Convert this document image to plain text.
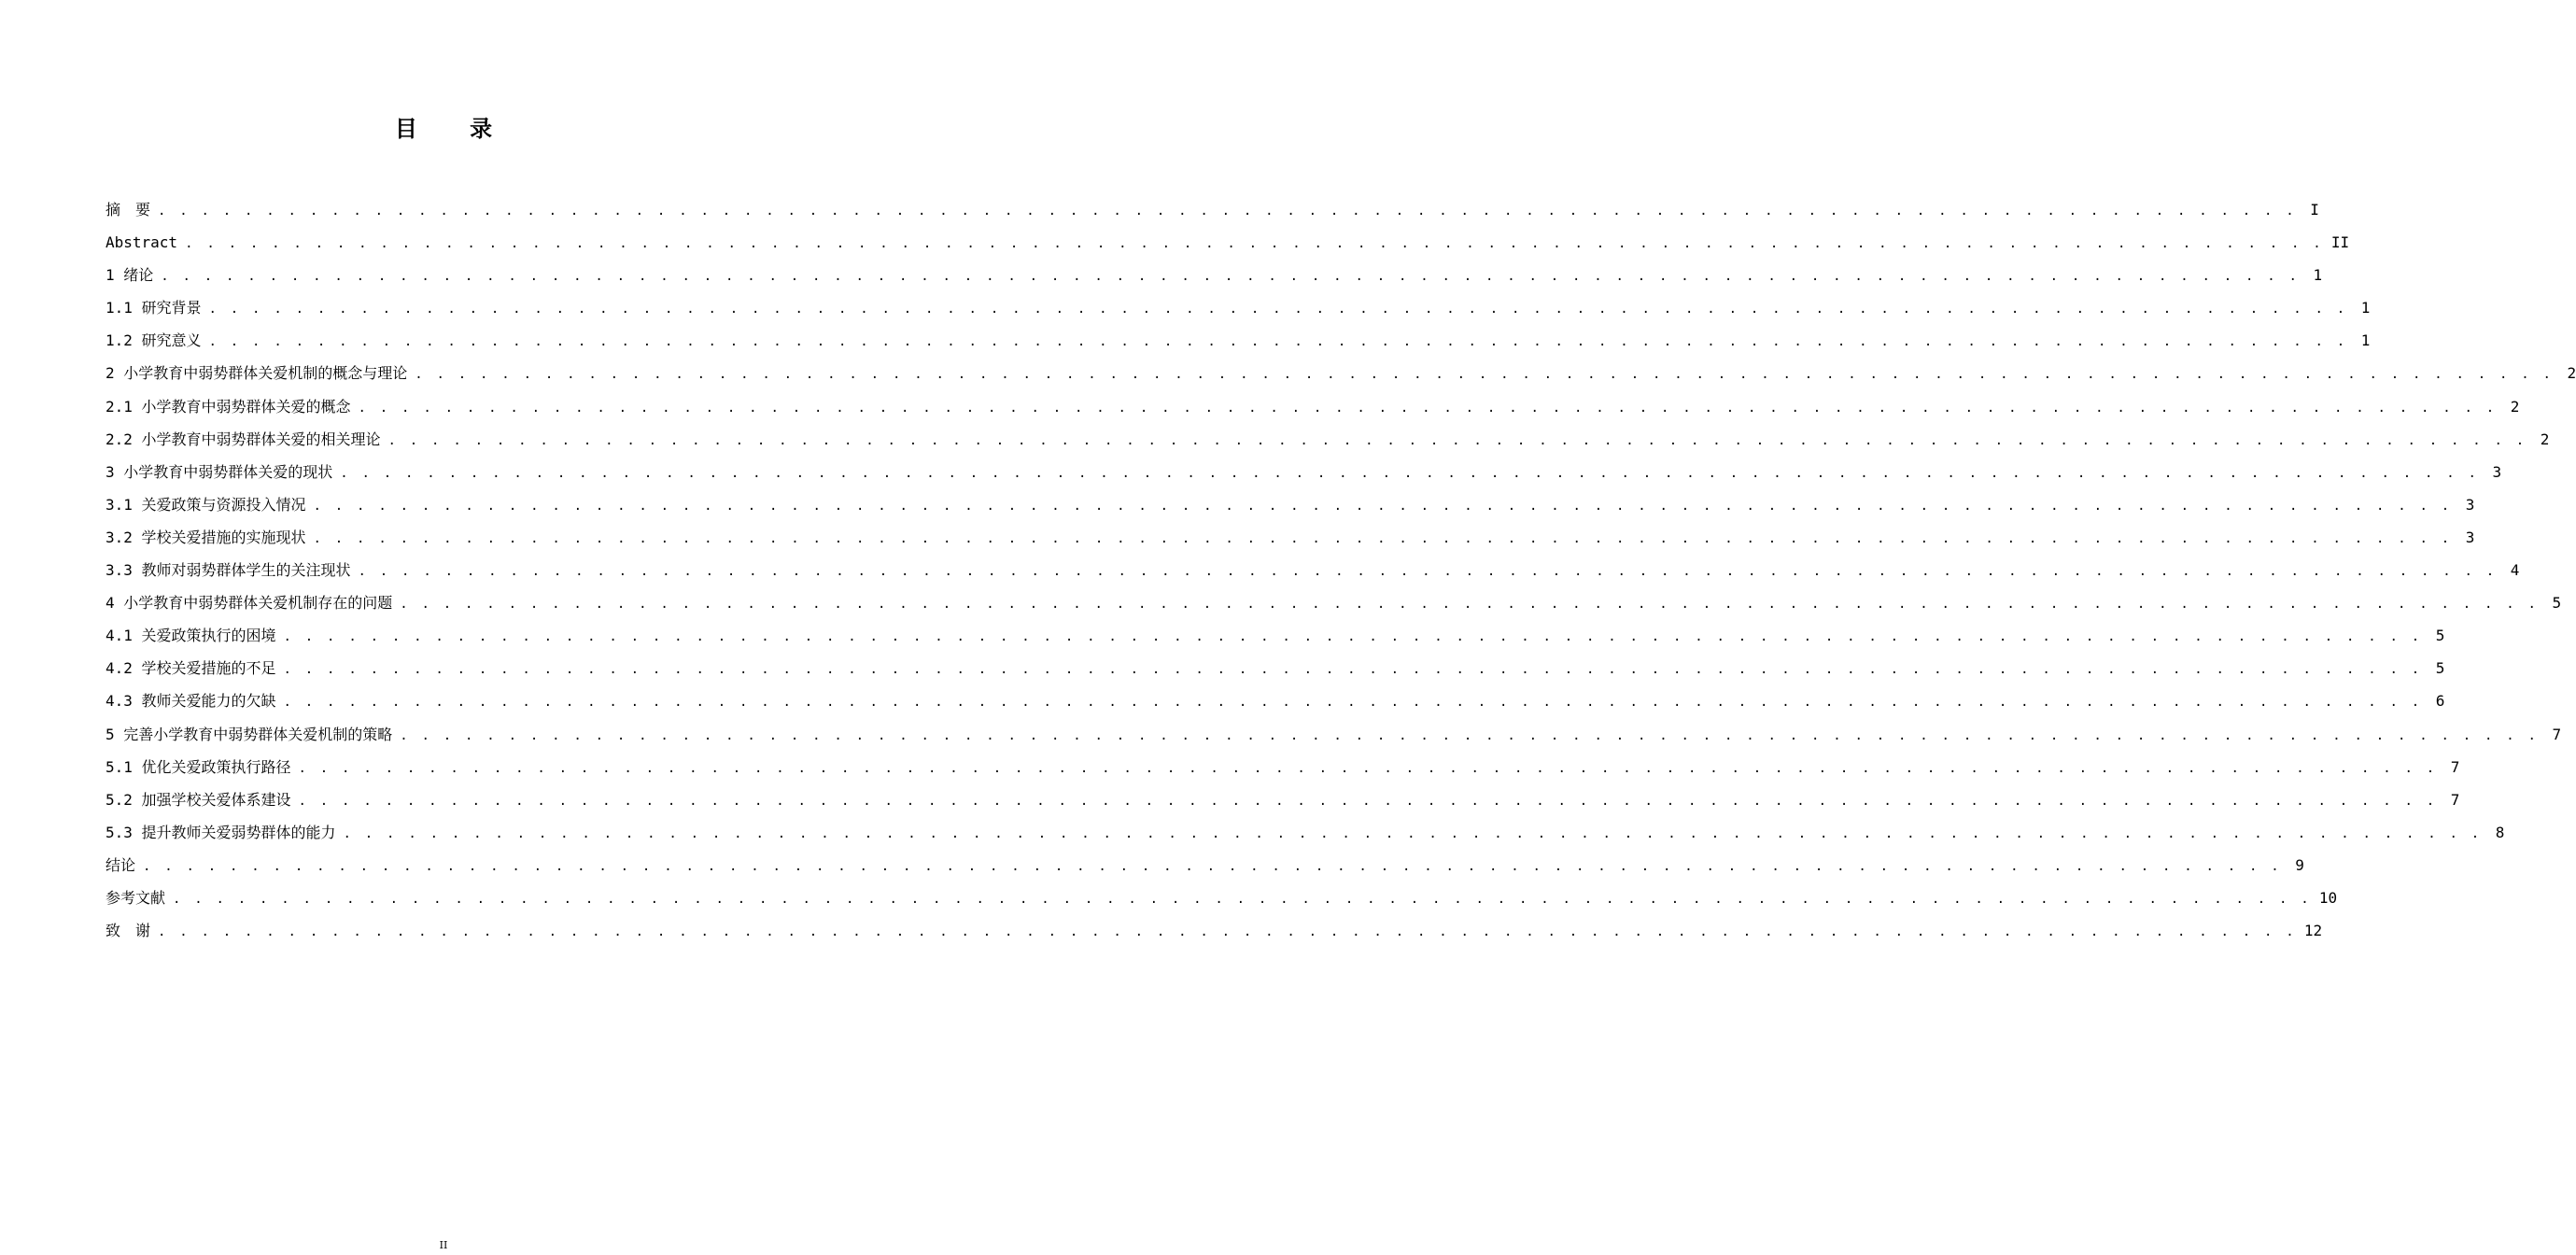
目 录
摘　要 . . . . . . . . . . . . . . . . . . . . . . . . . . . . . . . . . . . . . . . . . . . . . . . . . . . . . . . . . . . . . . . . . . . . . . . . . . . . . . . . . . . . . . . . . . . . . . . . . . . I
Abstract . . . . . . . . . . . . . . . . . . . . . . . . . . . . . . . . . . . . . . . . . . . . . . . . . . . . . . . . . . . . . . . . . . . . . . . . . . . . . . . . . . . . . . . . . . . . . . . . . . . II
1 绪论 . . . . . . . . . . . . . . . . . . . . . . . . . . . . . . . . . . . . . . . . . . . . . . . . . . . . . . . . . . . . . . . . . . . . . . . . . . . . . . . . . . . . . . . . . . . . . . . . . . . 1
1.1 研究背景 . . . . . . . . . . . . . . . . . . . . . . . . . . . . . . . . . . . . . . . . . . . . . . . . . . . . . . . . . . . . . . . . . . . . . . . . . . . . . . . . . . . . . . . . . . . . . . . . . . . 1
1.2 研究意义 . . . . . . . . . . . . . . . . . . . . . . . . . . . . . . . . . . . . . . . . . . . . . . . . . . . . . . . . . . . . . . . . . . . . . . . . . . . . . . . . . . . . . . . . . . . . . . . . . . . 1
2 小学教育中弱势群体关爱机制的概念与理论 . . . . . . . . . . . . . . . . . . . . . . . . . . . . . . . . . . . . . . . . . . . . . . . . . . . . . . . . . . . . . . . . . . . . . . . . . . . . . . . . . . . . . . . . . . . . . . . . . . . 2
2.1 小学教育中弱势群体关爱的概念 . . . . . . . . . . . . . . . . . . . . . . . . . . . . . . . . . . . . . . . . . . . . . . . . . . . . . . . . . . . . . . . . . . . . . . . . . . . . . . . . . . . . . . . . . . . . . . . . . . . 2
2.2 小学教育中弱势群体关爱的相关理论 . . . . . . . . . . . . . . . . . . . . . . . . . . . . . . . . . . . . . . . . . . . . . . . . . . . . . . . . . . . . . . . . . . . . . . . . . . . . . . . . . . . . . . . . . . . . . . . . . . . 2
3 小学教育中弱势群体关爱的现状 . . . . . . . . . . . . . . . . . . . . . . . . . . . . . . . . . . . . . . . . . . . . . . . . . . . . . . . . . . . . . . . . . . . . . . . . . . . . . . . . . . . . . . . . . . . . . . . . . . . 3
3.1 关爱政策与资源投入情况 . . . . . . . . . . . . . . . . . . . . . . . . . . . . . . . . . . . . . . . . . . . . . . . . . . . . . . . . . . . . . . . . . . . . . . . . . . . . . . . . . . . . . . . . . . . . . . . . . . . 3
3.2 学校关爱措施的实施现状 . . . . . . . . . . . . . . . . . . . . . . . . . . . . . . . . . . . . . . . . . . . . . . . . . . . . . . . . . . . . . . . . . . . . . . . . . . . . . . . . . . . . . . . . . . . . . . . . . . . 3
3.3 教师对弱势群体学生的关注现状 . . . . . . . . . . . . . . . . . . . . . . . . . . . . . . . . . . . . . . . . . . . . . . . . . . . . . . . . . . . . . . . . . . . . . . . . . . . . . . . . . . . . . . . . . . . . . . . . . . . 4
4 小学教育中弱势群体关爱机制存在的问题 . . . . . . . . . . . . . . . . . . . . . . . . . . . . . . . . . . . . . . . . . . . . . . . . . . . . . . . . . . . . . . . . . . . . . . . . . . . . . . . . . . . . . . . . . . . . . . . . . . . 5
4.1 关爱政策执行的困境 . . . . . . . . . . . . . . . . . . . . . . . . . . . . . . . . . . . . . . . . . . . . . . . . . . . . . . . . . . . . . . . . . . . . . . . . . . . . . . . . . . . . . . . . . . . . . . . . . . . 5
4.2 学校关爱措施的不足 . . . . . . . . . . . . . . . . . . . . . . . . . . . . . . . . . . . . . . . . . . . . . . . . . . . . . . . . . . . . . . . . . . . . . . . . . . . . . . . . . . . . . . . . . . . . . . . . . . . 5
4.3 教师关爱能力的欠缺 . . . . . . . . . . . . . . . . . . . . . . . . . . . . . . . . . . . . . . . . . . . . . . . . . . . . . . . . . . . . . . . . . . . . . . . . . . . . . . . . . . . . . . . . . . . . . . . . . . . 6
5 完善小学教育中弱势群体关爱机制的策略 . . . . . . . . . . . . . . . . . . . . . . . . . . . . . . . . . . . . . . . . . . . . . . . . . . . . . . . . . . . . . . . . . . . . . . . . . . . . . . . . . . . . . . . . . . . . . . . . . . . 7
5.1 优化关爱政策执行路径 . . . . . . . . . . . . . . . . . . . . . . . . . . . . . . . . . . . . . . . . . . . . . . . . . . . . . . . . . . . . . . . . . . . . . . . . . . . . . . . . . . . . . . . . . . . . . . . . . . . 7
5.2 加强学校关爱体系建设 . . . . . . . . . . . . . . . . . . . . . . . . . . . . . . . . . . . . . . . . . . . . . . . . . . . . . . . . . . . . . . . . . . . . . . . . . . . . . . . . . . . . . . . . . . . . . . . . . . . 7
5.3 提升教师关爱弱势群体的能力 . . . . . . . . . . . . . . . . . . . . . . . . . . . . . . . . . . . . . . . . . . . . . . . . . . . . . . . . . . . . . . . . . . . . . . . . . . . . . . . . . . . . . . . . . . . . . . . . . . . 8
结论 . . . . . . . . . . . . . . . . . . . . . . . . . . . . . . . . . . . . . . . . . . . . . . . . . . . . . . . . . . . . . . . . . . . . . . . . . . . . . . . . . . . . . . . . . . . . . . . . . . . 9
参考文献 . . . . . . . . . . . . . . . . . . . . . . . . . . . . . . . . . . . . . . . . . . . . . . . . . . . . . . . . . . . . . . . . . . . . . . . . . . . . . . . . . . . . . . . . . . . . . . . . . . . 10
致　谢 . . . . . . . . . . . . . . . . . . . . . . . . . . . . . . . . . . . . . . . . . . . . . . . . . . . . . . . . . . . . . . . . . . . . . . . . . . . . . . . . . . . . . . . . . . . . . . . . . . . 12
II
